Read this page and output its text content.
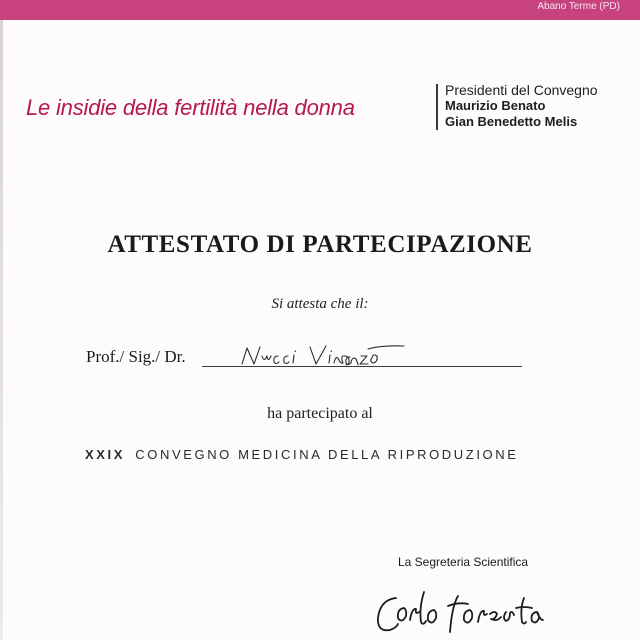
Abano Terme (PD)
Le insidie della fertilità nella donna
Presidenti del Convegno
Maurizio Benato
Gian Benedetto Melis
ATTESTATO DI PARTECIPAZIONE
Si attesta che il:
Prof./ Sig./ Dr.
ha partecipato al
XXIX CONVEGNO MEDICINA DELLA RIPRODUZIONE
La Segreteria Scientifica
